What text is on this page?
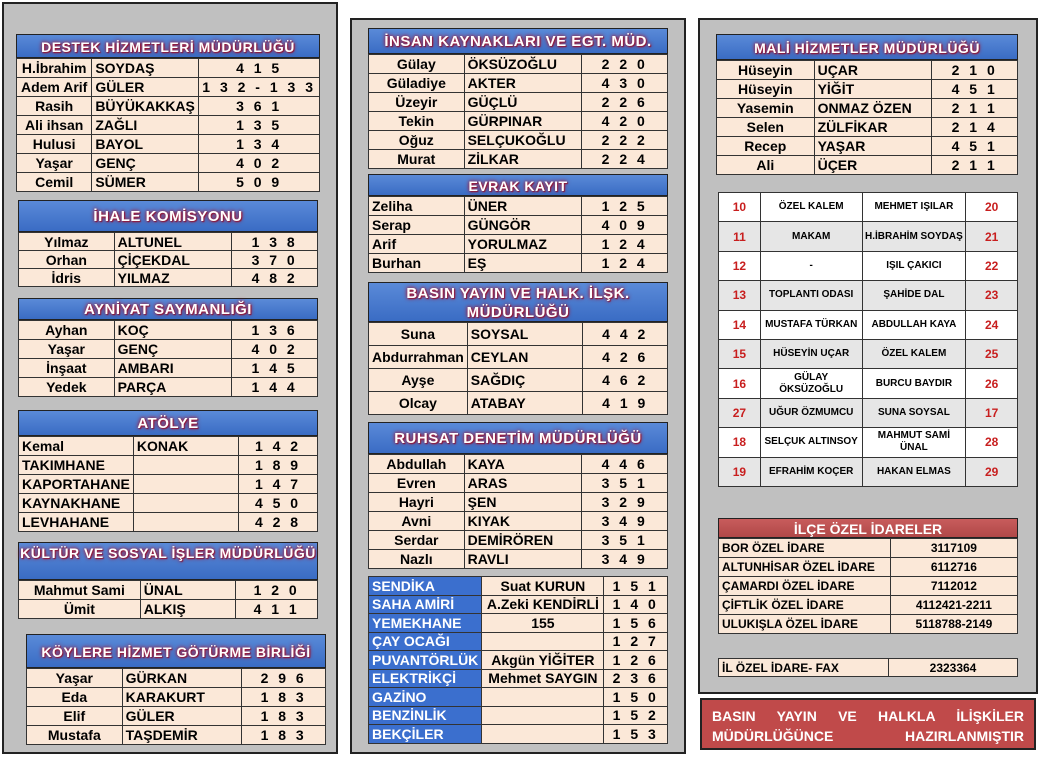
DESTEK HİZMETLERİ MÜDÜRLÜĞÜ
H.İbrahim	SOYDAŞ	4 1 5
Adem Arif	GÜLER	1 3 2 - 1 3 3
Rasih	BÜYÜKAKKAŞ	3 6 1
Ali ihsan	ZAĞLI	1 3 5
Hulusi	BAYOL	1 3 4
Yaşar	GENÇ	4 0 2
Cemil	SÜMER	5 0 9
İHALE KOMİSYONU
Yılmaz	ALTUNEL	1 3 8
Orhan	ÇİÇEKDAL	3 7 0
İdris	YILMAZ	4 8 2
AYNİYAT SAYMANLIĞI
Ayhan	KOÇ	1 3 6
Yaşar	GENÇ	4 0 2
İnşaat	AMBARI	1 4 5
Yedek	PARÇA	1 4 4
ATÖLYE
Kemal	KONAK	1 4 2
TAKIMHANE		1 8 9
KAPORTAHANE		1 4 7
KAYNAKHANE		4 5 0
LEVHAHANE		4 2 8
KÜLTÜR VE SOSYAL İŞLER MÜDÜRLÜĞÜ
Mahmut Sami	ÜNAL	1 2 0
Ümit	ALKIŞ	4 1 1
KÖYLERE HİZMET GÖTÜRME BİRLİĞİ
Yaşar	GÜRKAN	2 9 6
Eda	KARAKURT	1 8 3
Elif	GÜLER	1 8 3
Mustafa	TAŞDEMİR	1 8 3
İNSAN KAYNAKLARI VE EGT. MÜD.
Gülay	ÖKSÜZOĞLU	2 2 0
Güladiye	AKTER	4 3 0
Üzeyir	GÜÇLÜ	2 2 6
Tekin	GÜRPINAR	4 2 0
Oğuz	SELÇUKOĞLU	2 2 2
Murat	ZİLKAR	2 2 4
EVRAK KAYIT
Zeliha	ÜNER	1 2 5
Serap	GÜNGÖR	4 0 9
Arif	YORULMAZ	1 2 4
Burhan	EŞ	1 2 4
BASIN YAYIN VE HALK. İLŞK. MÜDÜRLÜĞÜ
Suna	SOYSAL	4 4 2
Abdurrahman	CEYLAN	4 2 6
Ayşe	SAĞDIÇ	4 6 2
Olcay	ATABAY	4 1 9
RUHSAT DENETİM MÜDÜRLÜĞÜ
Abdullah	KAYA	4 4 6
Evren	ARAS	3 5 1
Hayri	ŞEN	3 2 9
Avni	KIYAK	3 4 9
Serdar	DEMİRÖREN	3 5 1
Nazlı	RAVLI	3 4 9
SENDİKA	Suat KURUN	1 5 1
SAHA AMİRİ	A.Zeki KENDİRLİ	1 4 0
YEMEKHANE	155	1 5 6
ÇAY OCAĞI		1 2 7
PUVANTÖRLÜK	Akgün YİĞİTER	1 2 6
ELEKTRİKÇİ	Mehmet SAYGIN	2 3 6
GAZİNO		1 5 0
BENZİNLİK		1 5 2
BEKÇİLER		1 5 3
MALİ HİZMETLER MÜDÜRLÜĞÜ
Hüseyin	UÇAR	2 1 0
Hüseyin	YİĞİT	4 5 1
Yasemin	ONMAZ ÖZEN	2 1 1
Selen	ZÜLFİKAR	2 1 4
Recep	YAŞAR	4 5 1
Ali	ÜÇER	2 1 1
10	ÖZEL KALEM	MEHMET IŞILAR	20
11	MAKAM	H.İBRAHİM SOYDAŞ	21
12	-	IŞIL ÇAKICI	22
13	TOPLANTI ODASI	ŞAHİDE DAL	23
14	MUSTAFA TÜRKAN	ABDULLAH KAYA	24
15	HÜSEYİN UÇAR	ÖZEL KALEM	25
16	GÜLAY ÖKSÜZOĞLU	BURCU BAYDIR	26
27	UĞUR ÖZMUMCU	SUNA SOYSAL	17
18	SELÇUK ALTINSOY	MAHMUT SAMİ ÜNAL	28
19	EFRAHİM KOÇER	HAKAN ELMAS	29
İLÇE ÖZEL İDARELER
BOR ÖZEL İDARE	3117109
ALTUNHİSAR ÖZEL İDARE	6112716
ÇAMARDI ÖZEL İDARE	7112012
ÇİFTLİK ÖZEL İDARE	4112421-2211
ULUKIŞLA ÖZEL İDARE	5118788-2149
İL ÖZEL İDARE- FAX	2323364
BASIN YAYIN VE HALKLA İLİŞKİLER MÜDÜRLÜĞÜNCE HAZIRLANMIŞTIR
